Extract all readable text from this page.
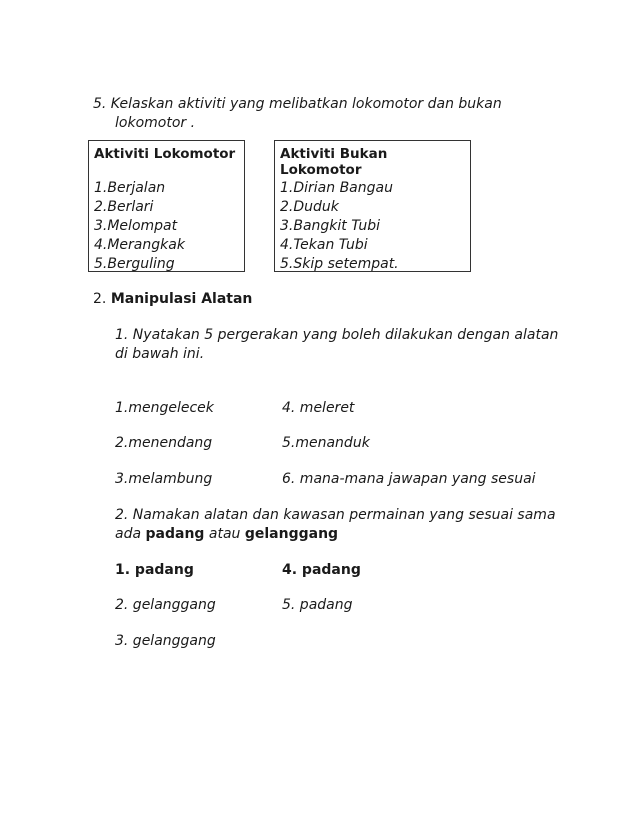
5. Kelaskan aktiviti yang melibatkan lokomotor dan bukan
lokomotor .
Aktiviti Lokomotor
1.Berjalan
2.Berlari
3.Melompat
4.Merangkak
5.Berguling
Aktiviti Bukan Lokomotor
1.Dirian Bangau
2.Duduk
3.Bangkit Tubi
4.Tekan Tubi
5.Skip setempat.
2. Manipulasi Alatan
1. Nyatakan 5 pergerakan yang boleh dilakukan dengan alatan
di bawah ini.
1.mengelecek	4. meleret
2.menendang	5.menanduk
3.melambung	6. mana-mana jawapan yang sesuai
2. Namakan alatan dan kawasan permainan yang sesuai sama
ada padang atau gelanggang
1. padang	4. padang
2. gelanggang	5. padang
3. gelanggang
